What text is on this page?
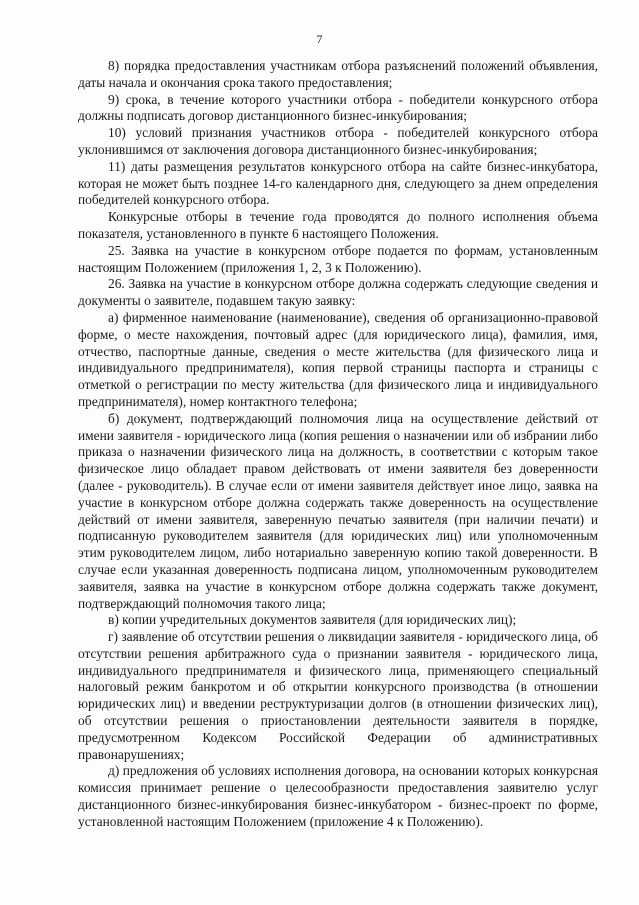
7

8) порядка предоставления участникам отбора разъяснений положений объявления, даты начала и окончания срока такого предоставления;

9) срока, в течение которого участники отбора - победители конкурсного отбора должны подписать договор дистанционного бизнес-инкубирования;

10) условий признания участников отбора - победителей конкурсного отбора уклонившимся от заключения договора дистанционного бизнес-инкубирования;

11) даты размещения результатов конкурсного отбора на сайте бизнес-инкубатора, которая не может быть позднее 14-го календарного дня, следующего за днем определения победителей конкурсного отбора.

Конкурсные отборы в течение года проводятся до полного исполнения объема показателя, установленного в пункте 6 настоящего Положения.

25. Заявка на участие в конкурсном отборе подается по формам, установленным настоящим Положением (приложения 1, 2, 3 к Положению).

26. Заявка на участие в конкурсном отборе должна содержать следующие сведения и документы о заявителе, подавшем такую заявку:

а) фирменное наименование (наименование), сведения об организационно-правовой форме, о месте нахождения, почтовый адрес (для юридического лица), фамилия, имя, отчество, паспортные данные, сведения о месте жительства (для физического лица и индивидуального предпринимателя), копия первой страницы паспорта и страницы с отметкой о регистрации по месту жительства (для физического лица и индивидуального предпринимателя), номер контактного телефона;

б) документ, подтверждающий полномочия лица на осуществление действий от имени заявителя - юридического лица (копия решения о назначении или об избрании либо приказа о назначении физического лица на должность, в соответствии с которым такое физическое лицо обладает правом действовать от имени заявителя без доверенности (далее - руководитель). В случае если от имени заявителя действует иное лицо, заявка на участие в конкурсном отборе должна содержать также доверенность на осуществление действий от имени заявителя, заверенную печатью заявителя (при наличии печати) и подписанную руководителем заявителя (для юридических лиц) или уполномоченным этим руководителем лицом, либо нотариально заверенную копию такой доверенности. В случае если указанная доверенность подписана лицом, уполномоченным руководителем заявителя, заявка на участие в конкурсном отборе должна содержать также документ, подтверждающий полномочия такого лица;

в) копии учредительных документов заявителя (для юридических лиц);

г) заявление об отсутствии решения о ликвидации заявителя - юридического лица, об отсутствии решения арбитражного суда о признании заявителя - юридического лица, индивидуального предпринимателя и физического лица, применяющего специальный налоговый режим банкротом и об открытии конкурсного производства (в отношении юридических лиц) и введении реструктуризации долгов (в отношении физических лиц), об отсутствии решения о приостановлении деятельности заявителя в порядке, предусмотренном Кодексом Российской Федерации об административных правонарушениях;

д) предложения об условиях исполнения договора, на основании которых конкурсная комиссия принимает решение о целесообразности предоставления заявителю услуг дистанционного бизнес-инкубирования бизнес-инкубатором - бизнес-проект по форме, установленной настоящим Положением (приложение 4 к Положению).
